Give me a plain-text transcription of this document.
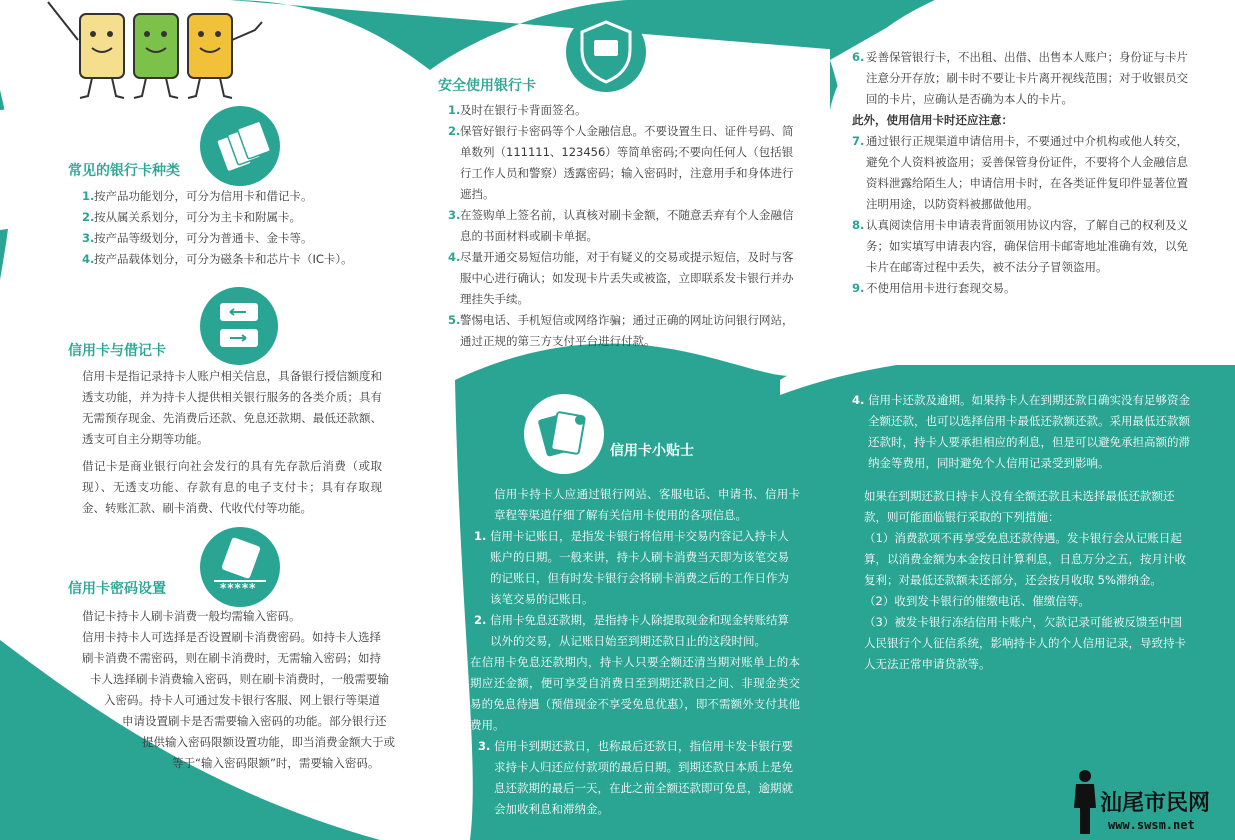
常见的银行卡种类
1. 按产品功能划分，可分为信用卡和借记卡。
2. 按从属关系划分，可分为主卡和附属卡。
3. 按产品等级划分，可分为普通卡、金卡等。
4. 按产品载体划分，可分为磁条卡和芯片卡（IC卡）。
信用卡与借记卡

信用卡是指记录持卡人账户相关信息，具备银行授信额度和透支功能，并为持卡人提供相关银行服务的各类介质；具有无需预存现金、先消费后还款、免息还款期、最低还款额、透支可自主分期等功能。

借记卡是商业银行向社会发行的具有先存款后消费（或取现）、无透支功能、存款有息的电子支付卡；具有存取现金、转账汇款、刷卡消费、代收代付等功能。

*****
信用卡密码设置
借记卡持卡人刷卡消费一般均需输入密码。
信用卡持卡人可选择是否设置刷卡消费密码。如持卡人选择
刷卡消费不需密码，则在刷卡消费时，无需输入密码；如持
卡人选择刷卡消费输入密码，则在刷卡消费时，一般需要输
入密码。持卡人可通过发卡银行客服、网上银行等渠道
申请设置刷卡是否需要输入密码的功能。部分银行还
提供输入密码限额设置功能，即当消费金额大于或
等于“输入密码限额”时，需要输入密码。
安全使用银行卡
1. 及时在银行卡背面签名。
2. 保管好银行卡密码等个人金融信息。不要设置生日、证件号码、简单数列（111111、123456）等简单密码;不要向任何人（包括银行工作人员和警察）透露密码；输入密码时，注意用手和身体进行遮挡。
3. 在签购单上签名前，认真核对刷卡金额，不随意丢弃有个人金融信息的书面材料或刷卡单据。
4. 尽量开通交易短信功能，对于有疑义的交易或提示短信，及时与客服中心进行确认；如发现卡片丢失或被盗，立即联系发卡银行并办理挂失手续。
5. 警惕电话、手机短信或网络诈骗；通过正确的网址访问银行网站，通过正规的第三方支付平台进行付款。
6. 妥善保管银行卡，不出租、出借、出售本人账户；身份证与卡片注意分开存放；刷卡时不要让卡片离开视线范围；对于收银员交回的卡片，应确认是否确为本人的卡片。
此外，使用信用卡时还应注意：
7. 通过银行正规渠道申请信用卡，不要通过中介机构或他人转交，避免个人资料被盗用；妥善保管身份证件，不要将个人金融信息资料泄露给陌生人；申请信用卡时，在各类证件复印件显著位置注明用途，以防资料被挪做他用。
8. 认真阅读信用卡申请表背面领用协议内容，了解自己的权利及义务；如实填写申请表内容，确保信用卡邮寄地址准确有效，以免卡片在邮寄过程中丢失，被不法分子冒领盗用。
9. 不使用信用卡进行套现交易。
信用卡小贴士
信用卡持卡人应通过银行网站、客服电话、申请书、信用卡章程等渠道仔细了解有关信用卡使用的各项信息。
1. 信用卡记账日，是指发卡银行将信用卡交易内容记入持卡人账户的日期。一般来讲，持卡人刷卡消费当天即为该笔交易的记账日，但有时发卡银行会将刷卡消费之后的工作日作为该笔交易的记账日。
2. 信用卡免息还款期，是指持卡人除提取现金和现金转账结算以外的交易，从记账日始至到期还款日止的这段时间。
在信用卡免息还款期内，持卡人只要全额还清当期对账单上的本期应还金额，便可享受自消费日至到期还款日之间、非现金类交易的免息待遇（预借现金不享受免息优惠），即不需额外支付其他费用。
3. 信用卡到期还款日，也称最后还款日，指信用卡发卡银行要求持卡人归还应付款项的最后日期。到期还款日本质上是免息还款期的最后一天，在此之前全额还款即可免息，逾期就会加收利息和滞纳金。
4. 信用卡还款及逾期。如果持卡人在到期还款日确实没有足够资金全额还款，也可以选择信用卡最低还款额还款。采用最低还款额还款时，持卡人要承担相应的利息，但是可以避免承担高额的滞纳金等费用，同时避免个人信用记录受到影响。
如果在到期还款日持卡人没有全额还款且未选择最低还款额还款，则可能面临银行采取的下列措施：
（1）消费款项不再享受免息还款待遇。发卡银行会从记账日起算，以消费金额为本金按日计算利息，日息万分之五，按月计收复利；对最低还款额未还部分，还会按月收取 5%滞纳金。
（2）收到发卡银行的催缴电话、催缴信等。
（3）被发卡银行冻结信用卡账户，欠款记录可能被反馈至中国人民银行个人征信系统，影响持卡人的个人信用记录，导致持卡人无法正常申请贷款等。
汕尾市民网
www.swsm.net
